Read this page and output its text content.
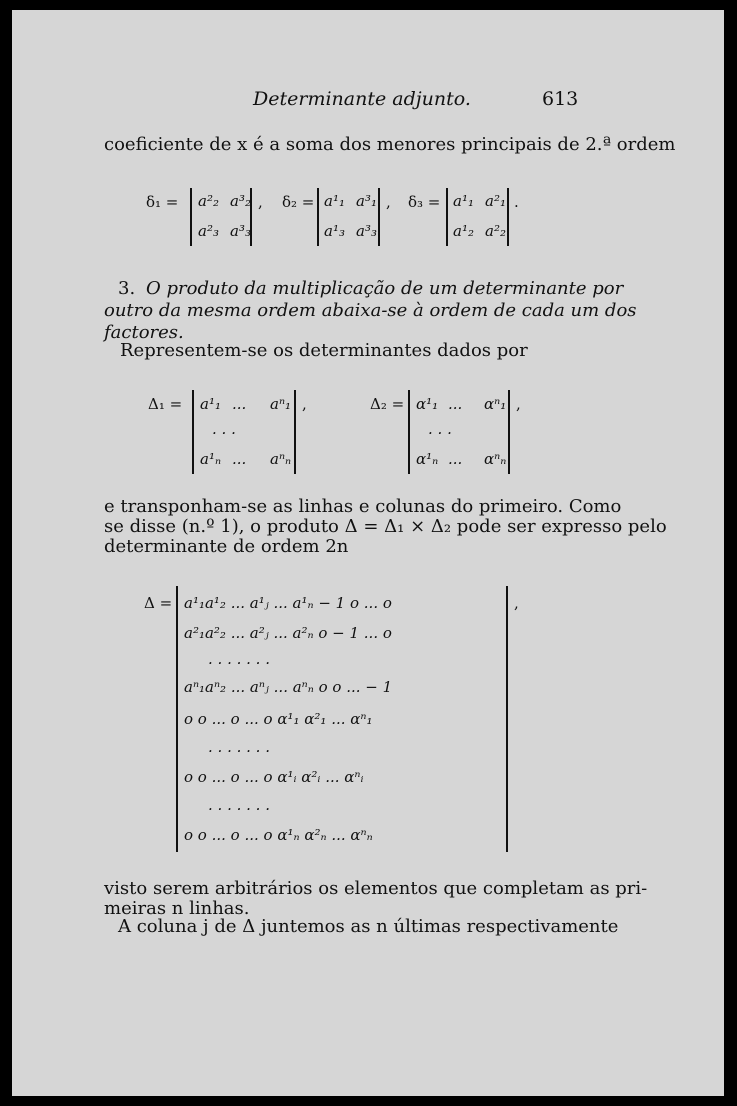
Determinante adjunto.	613
coeficiente de x é a soma dos menores principais de 2.ª ordem
δ₁ = a²₂ a³₂
a²₃ a³₃
, δ₂ = a¹₁ a³₁
a¹₃ a³₃
, δ₃ = a¹₁ a²₁
a¹₂ a²₂
.
3. O produto da multiplicação de um determinante por
outro da mesma ordem abaixa-se à ordem de cada um dos
factores.
Representem-se os determinantes dados por
Δ₁ = a¹₁ ... aⁿ₁
. . .
a¹ₙ ... aⁿₙ
,	Δ₂ = α¹₁ ... αⁿ₁
. . .
α¹ₙ ... αⁿₙ
,
e transponham-se as linhas e colunas do primeiro. Como
se disse (n.º 1), o produto Δ = Δ₁ × Δ₂ pode ser expresso pelo
determinante de ordem 2n
Δ = a¹₁a¹₂ ... a¹ⱼ ... a¹ₙ − 1 o ... o
a²₁a²₂ ... a²ⱼ ... a²ₙ o − 1 ... o
. . . . . . .
aⁿ₁aⁿ₂ ... aⁿⱼ ... aⁿₙ o o ... − 1
o o ... o ... o α¹₁ α²₁ ... αⁿ₁
. . . . . . .
o o ... o ... o α¹ᵢ α²ᵢ ... αⁿᵢ
. . . . . . .
o o ... o ... o α¹ₙ α²ₙ ... αⁿₙ
,
visto serem arbitrários os elementos que completam as pri-
meiras n linhas.
A coluna j de Δ juntemos as n últimas respectivamente
